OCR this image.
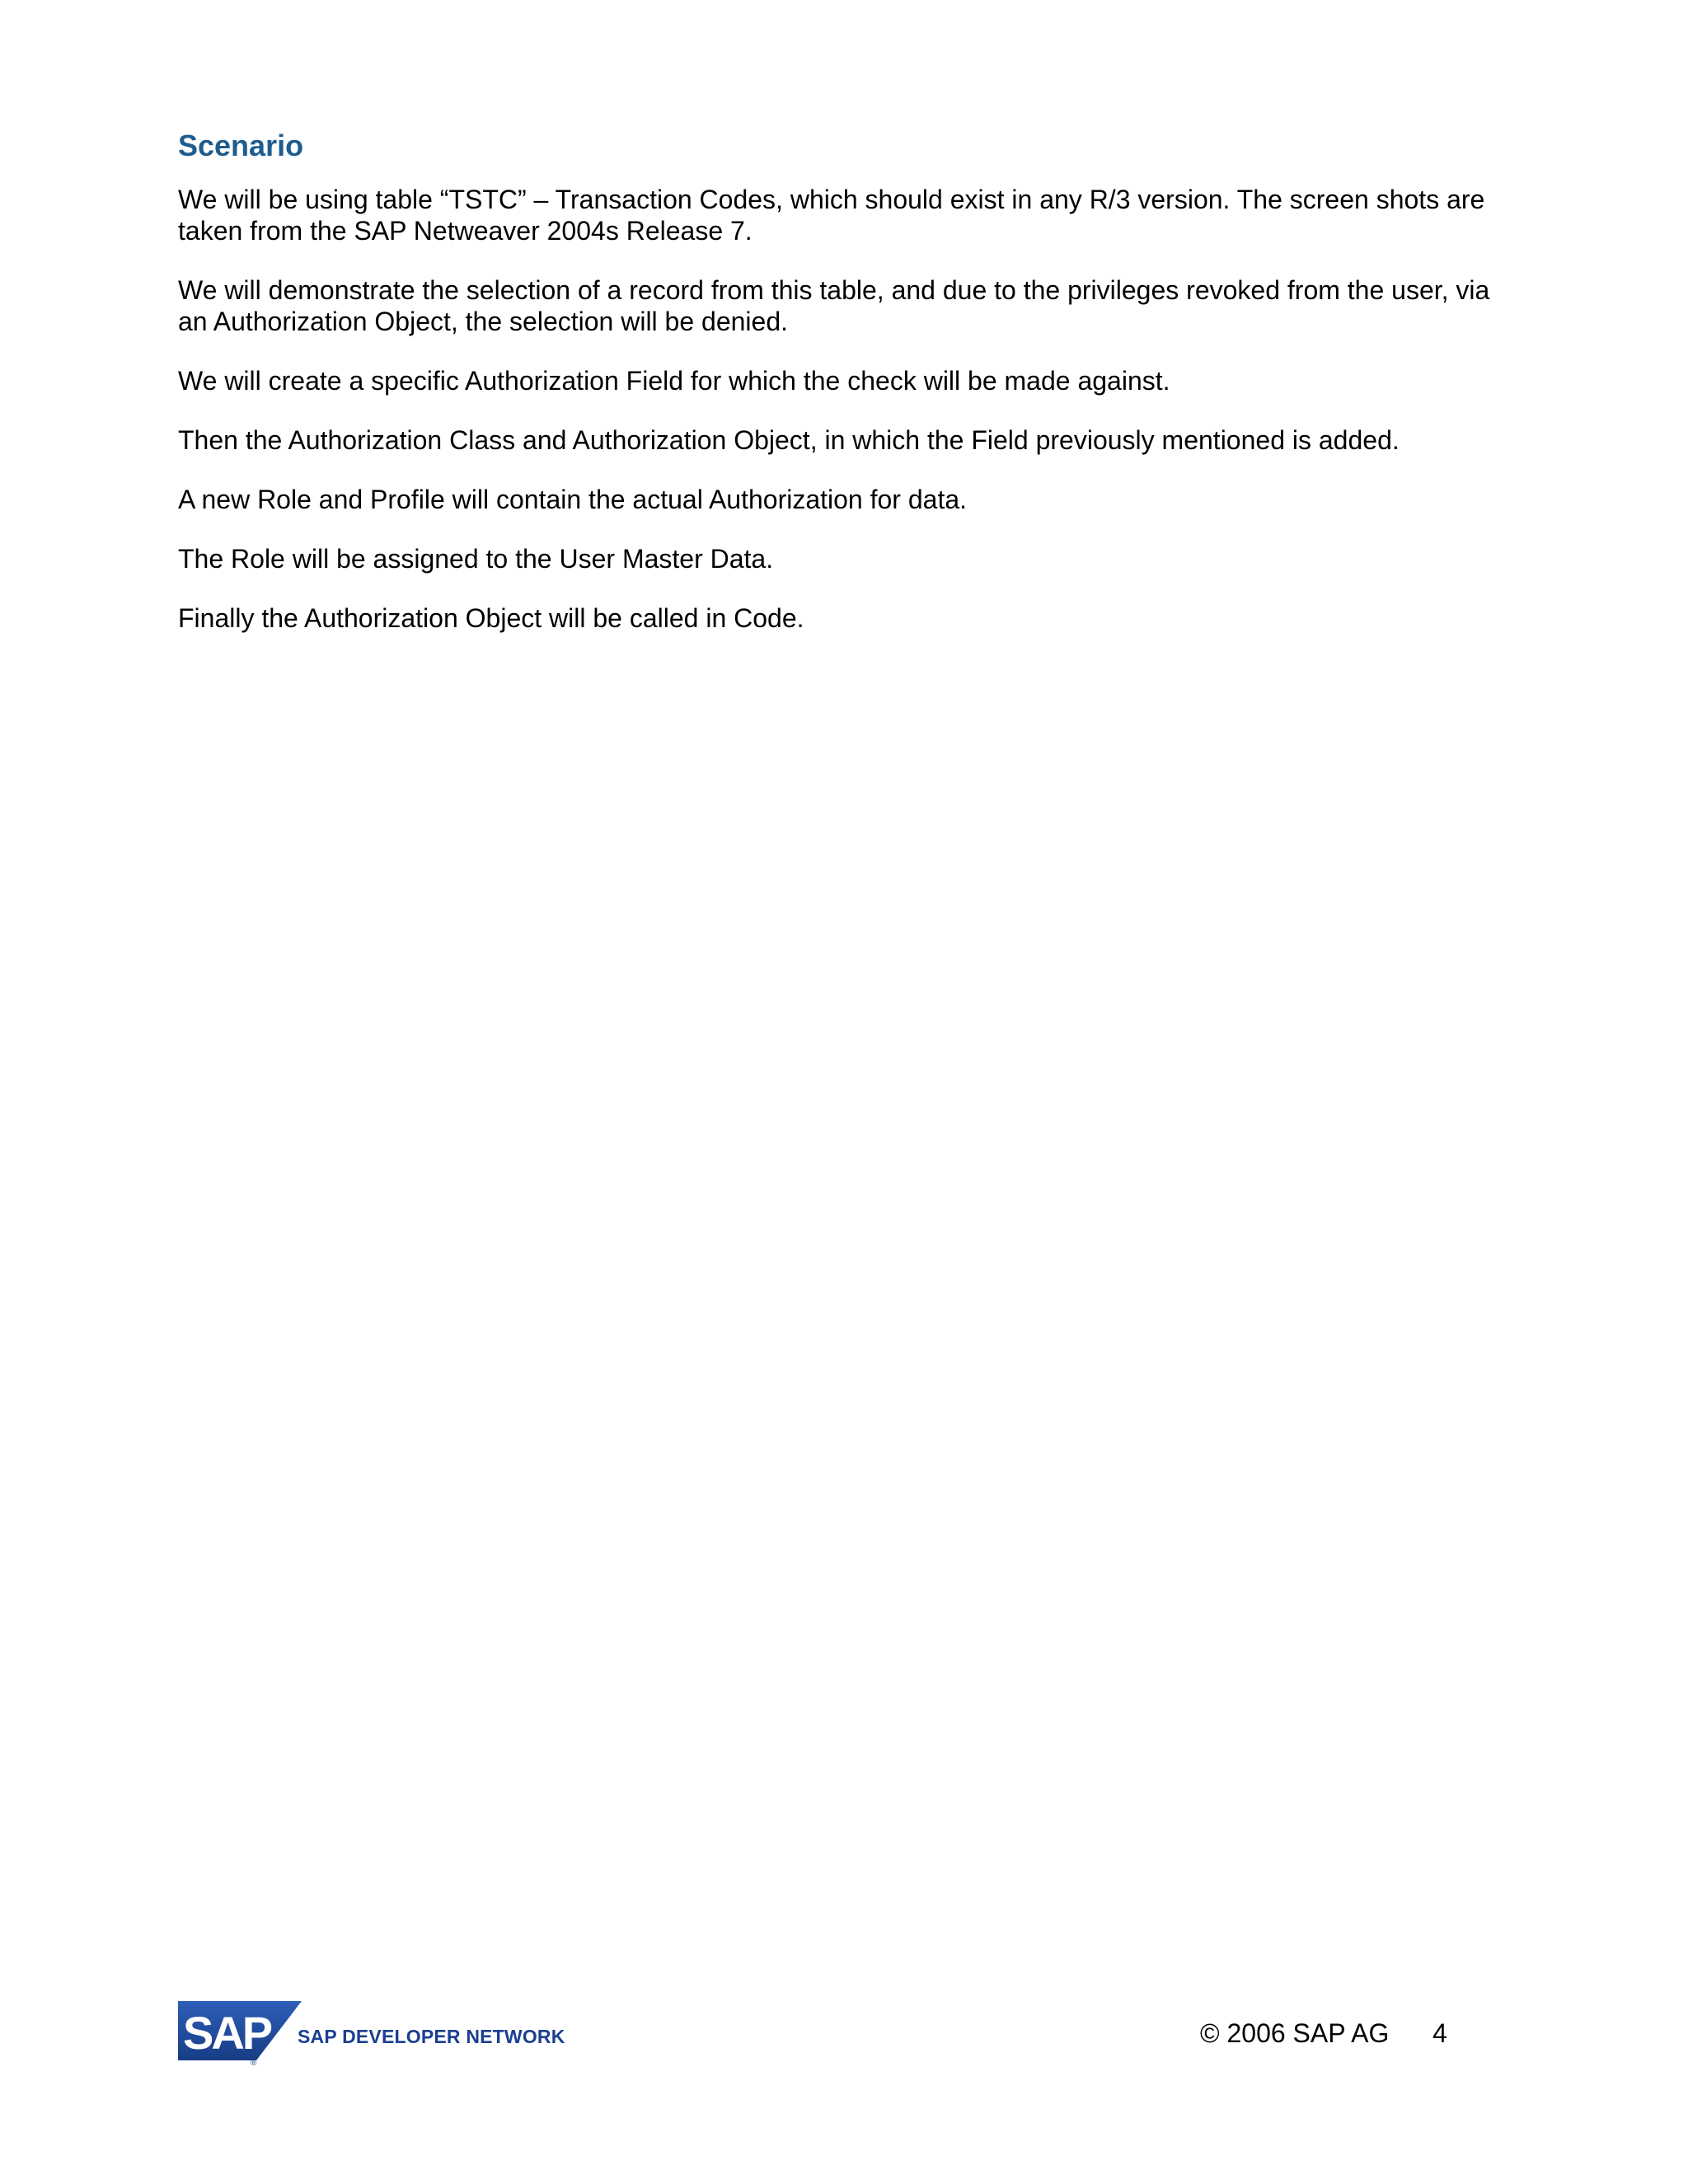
Scenario

We will be using table “TSTC” – Transaction Codes, which should exist in any R/3 version. The screen shots are taken from the SAP Netweaver 2004s Release 7.

We will demonstrate the selection of a record from this table, and due to the privileges revoked from the user, via an Authorization Object, the selection will be denied.

We will create a specific Authorization Field for which the check will be made against.

Then the Authorization Class and Authorization Object, in which the Field previously mentioned is added.

A new Role and Profile will contain the actual Authorization for data.

The Role will be assigned to the User Master Data.

Finally the Authorization Object will be called in Code.

SAP
®
SAP DEVELOPER NETWORK	© 2006 SAP AG 4
